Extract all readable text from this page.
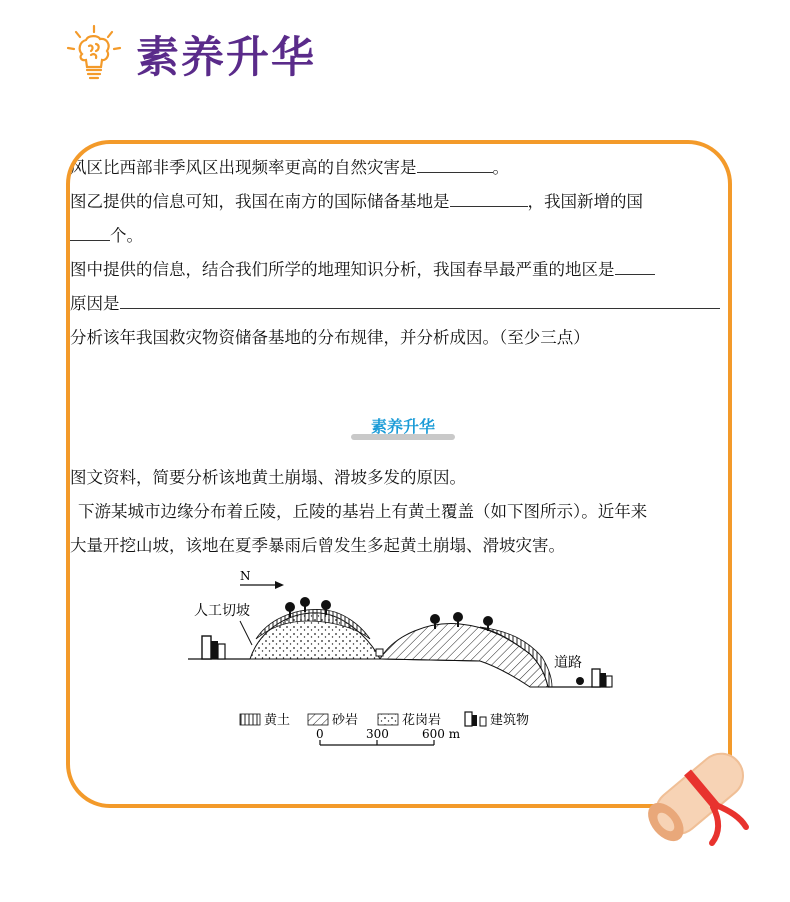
素养升华
风区比西部非季风区出现频率更高的自然灾害是	。
图乙提供的信息可知，我国在南方的国际储备基地是	，我国新增的国
个。
图中提供的信息，结合我们所学的地理知识分析，我国春旱最严重的地区是
原因是
分析该年我国救灾物资储备基地的分布规律，并分析成因。（至少三点）
素养升华
图文资料，简要分析该地黄土崩塌、滑坡多发的原因。
下游某城市边缘分布着丘陵，丘陵的基岩上有黄土覆盖（如下图所示）。近年来
大量开挖山坡，该地在夏季暴雨后曾发生多起黄土崩塌、滑坡灾害。
N
人工切坡
道路
黄土	砂岩	花岗岩	建筑物
0	300	600 m
